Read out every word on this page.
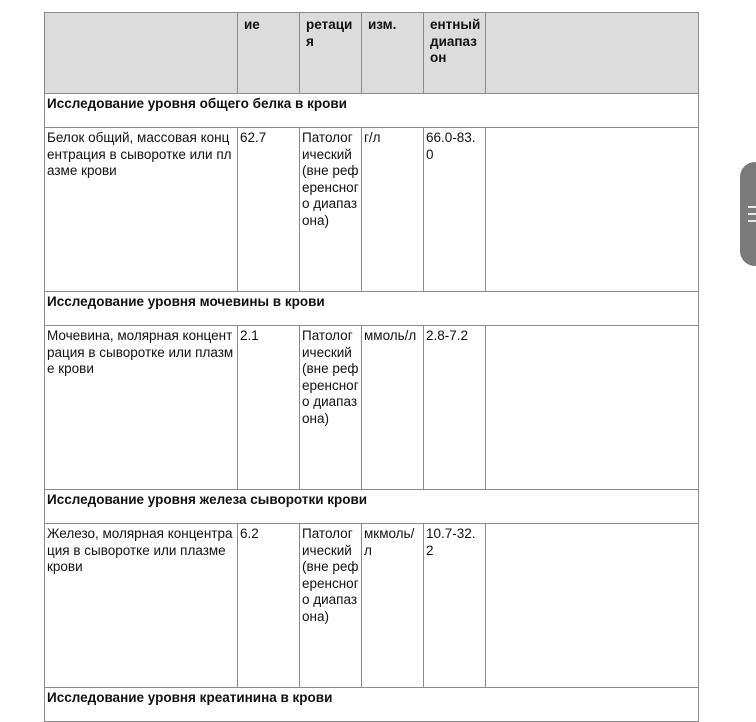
	ие	ретация	изм.	ентный диапазон	
Исследование уровня общего белка в крови					
Белок общий, массовая концентрация в сыворотке или плазме крови	62.7	Патологический (вне референсного диапазона)	г/л	66.0-83.0	
Исследование уровня мочевины в крови					
Мочевина, молярная концентрация в сыворотке или плазме крови	2.1	Патологический (вне референсного диапазона)	ммоль/л	2.8-7.2	
Исследование уровня железа сыворотки крови					
Железо, молярная концентрация в сыворотке или плазме крови	6.2	Патологический (вне референсного диапазона)	мкмоль/л	10.7-32.2	
Исследование уровня креатинина в крови					
